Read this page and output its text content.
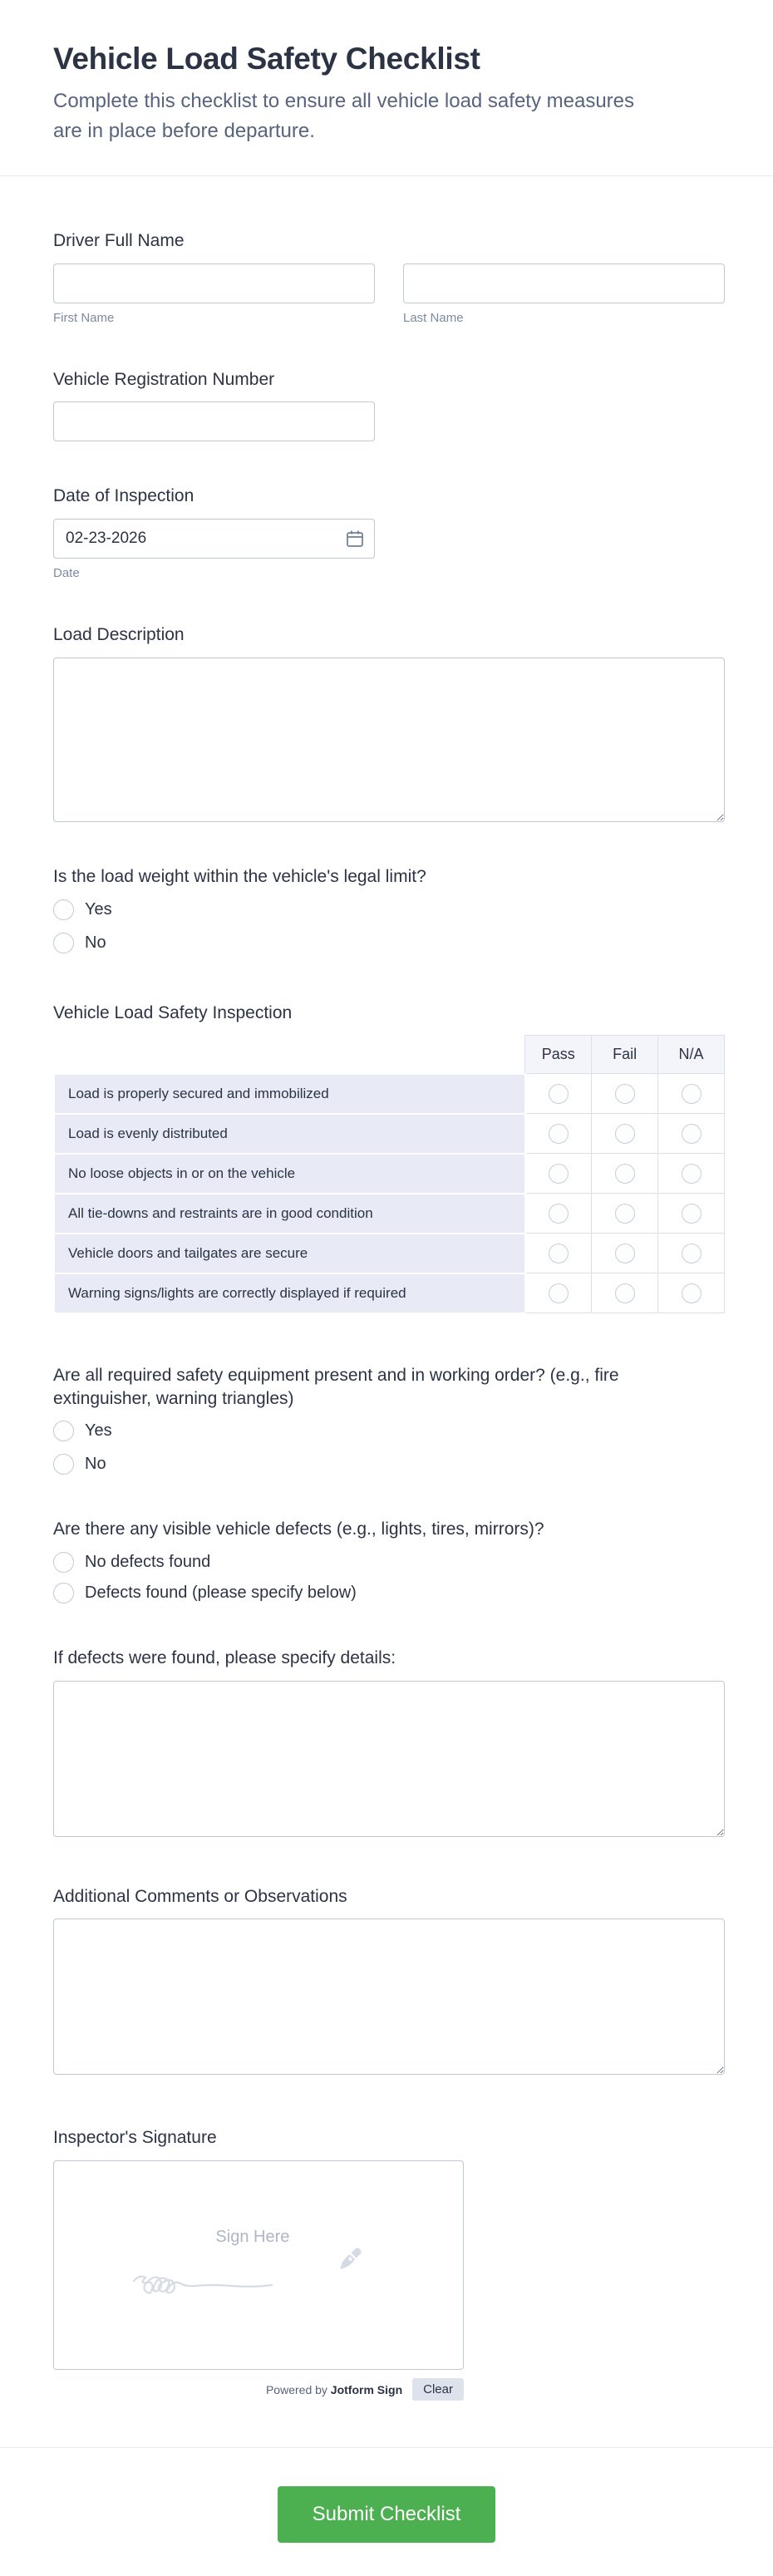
Vehicle Load Safety Checklist
Complete this checklist to ensure all vehicle load safety measures are in place before departure.
Driver Full Name
First Name	Last Name
Vehicle Registration Number
Date of Inspection
02-23-2026
Date
Load Description
Is the load weight within the vehicle's legal limit?
Yes
No
Vehicle Load Safety Inspection
	Pass	Fail	N/A
Load is properly secured and immobilized			
Load is evenly distributed			
No loose objects in or on the vehicle			
All tie-downs and restraints are in good condition			
Vehicle doors and tailgates are secure			
Warning signs/lights are correctly displayed if required			
Are all required safety equipment present and in working order? (e.g., fire extinguisher, warning triangles)
Yes
No
Are there any visible vehicle defects (e.g., lights, tires, mirrors)?
No defects found
Defects found (please specify below)
If defects were found, please specify details:
Additional Comments or Observations
Inspector's Signature
Sign Here
Powered by Jotform Sign	Clear
Submit Checklist
